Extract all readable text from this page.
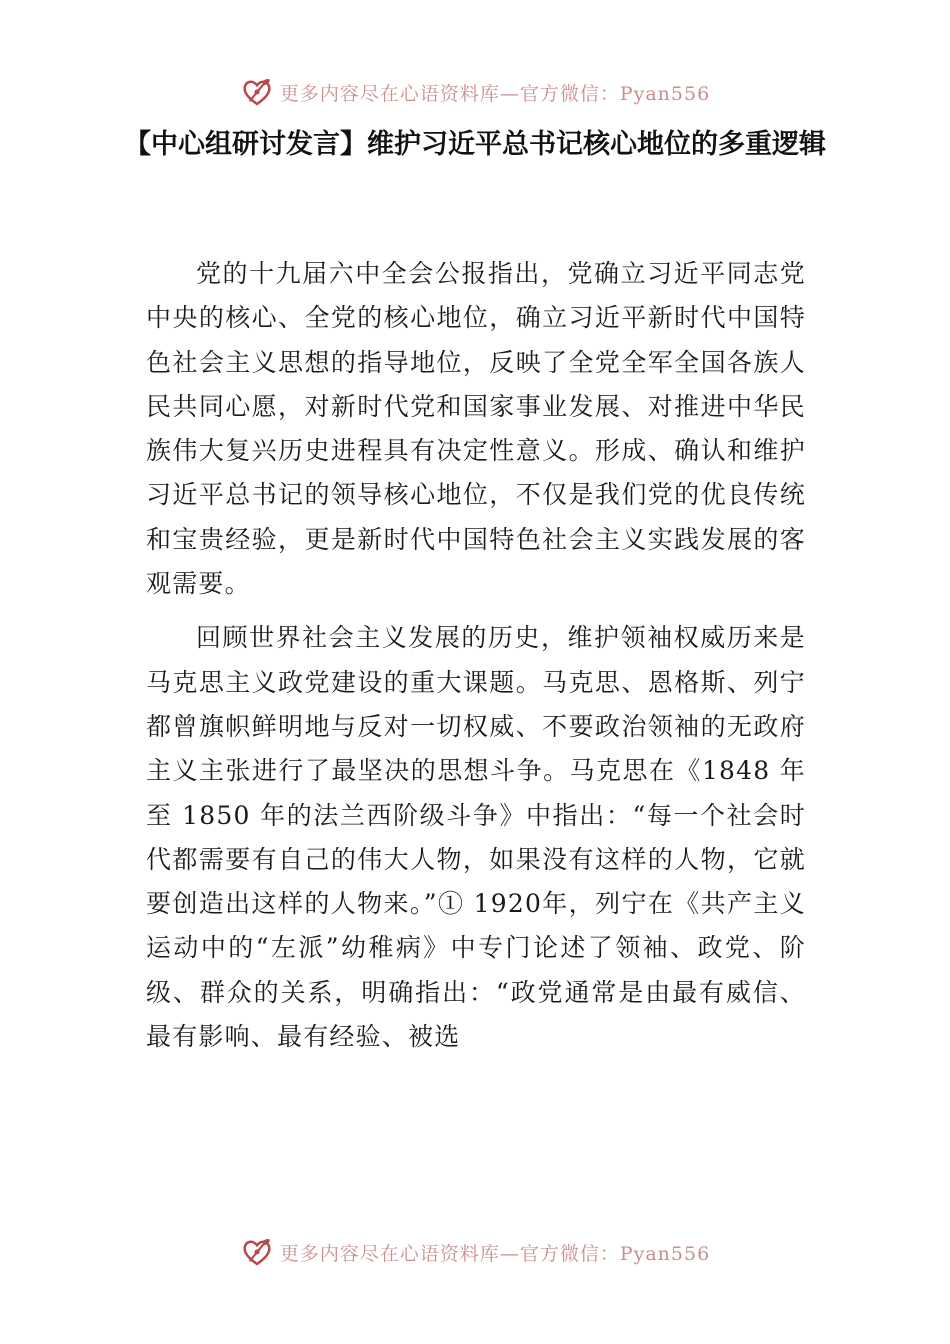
更多内容尽在心语资料库—官方微信：Pyan556
【中心组研讨发言】维护习近平总书记核心地位的多重逻辑

党的十九届六中全会公报指出，党确立习近平同志党中央的核心、全党的核心地位，确立习近平新时代中国特色社会主义思想的指导地位，反映了全党全军全国各族人民共同心愿，对新时代党和国家事业发展、对推进中华民族伟大复兴历史进程具有决定性意义。形成、确认和维护习近平总书记的领导核心地位，不仅是我们党的优良传统和宝贵经验，更是新时代中国特色社会主义实践发展的客观需要。

回顾世界社会主义发展的历史，维护领袖权威历来是马克思主义政党建设的重大课题。马克思、恩格斯、列宁都曾旗帜鲜明地与反对一切权威、不要政治领袖的无政府主义主张进行了最坚决的思想斗争。马克思在《1848 年至 1850 年的法兰西阶级斗争》中指出：“每一个社会时代都需要有自己的伟大人物，如果没有这样的人物，它就要创造出这样的人物来。”① 1920年，列宁在《共产主义运动中的“左派”幼稚病》中专门论述了领袖、政党、阶级、群众的关系，明确指出：“政党通常是由最有威信、最有影响、最有经验、被选

更多内容尽在心语资料库—官方微信：Pyan556
